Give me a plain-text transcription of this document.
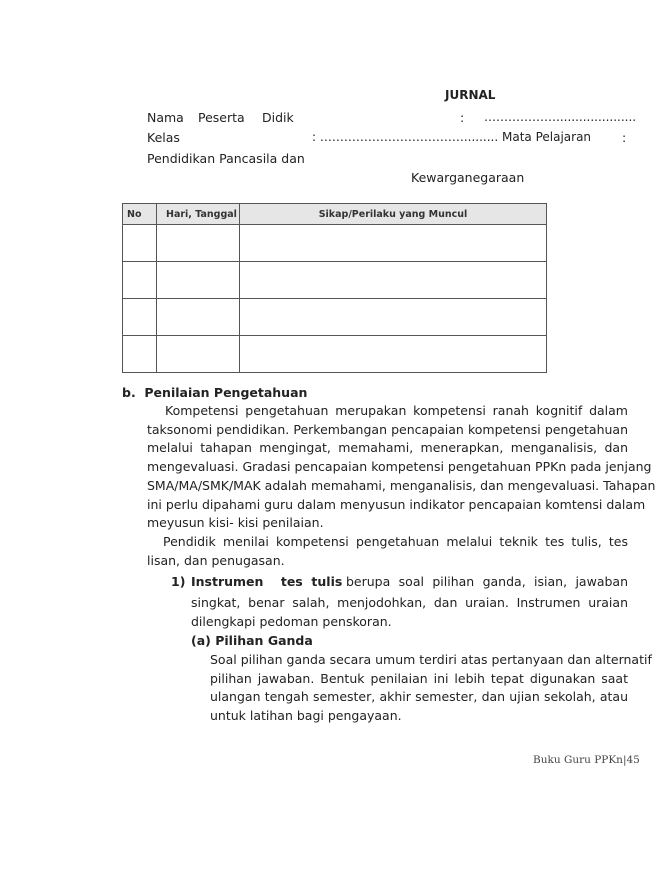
JURNAL
Nama Peserta Didik	: ……………….....................
Kelas	: ………………………………......... Mata Pelajaran :
Pendidikan Pancasila dan
Kewarganegaraan
No	Hari, Tanggal	Sikap/Perilaku yang Muncul

b.  Penilaian Pengetahuan
Kompetensi pengetahuan merupakan kompetensi ranah kognitif dalam
taksonomi pendidikan. Perkembangan pencapaian kompetensi pengetahuan
melalui tahapan mengingat, memahami, menerapkan, menganalisis, dan
mengevaluasi. Gradasi pencapaian kompetensi pengetahuan PPKn pada jenjang
SMA/MA/SMK/MAK adalah memahami, menganalisis, dan mengevaluasi. Tahapan
ini perlu dipahami guru dalam menyusun indikator pencapaian komtensi dalam
meyusun kisi- kisi penilaian.
Pendidik menilai kompetensi pengetahuan melalui teknik tes tulis, tes
lisan, dan penugasan.
1) Instrumen    tes  tulis berupa soal pilihan ganda, isian, jawaban
singkat, benar salah, menjodohkan, dan uraian. Instrumen uraian
dilengkapi pedoman penskoran.
(a) Pilihan Ganda
Soal pilihan ganda secara umum terdiri atas pertanyaan dan alternatif
pilihan jawaban. Bentuk penilaian ini lebih tepat digunakan saat
ulangan tengah semester, akhir semester, dan ujian sekolah, atau
untuk latihan bagi pengayaan.
Buku Guru PPKn|45
